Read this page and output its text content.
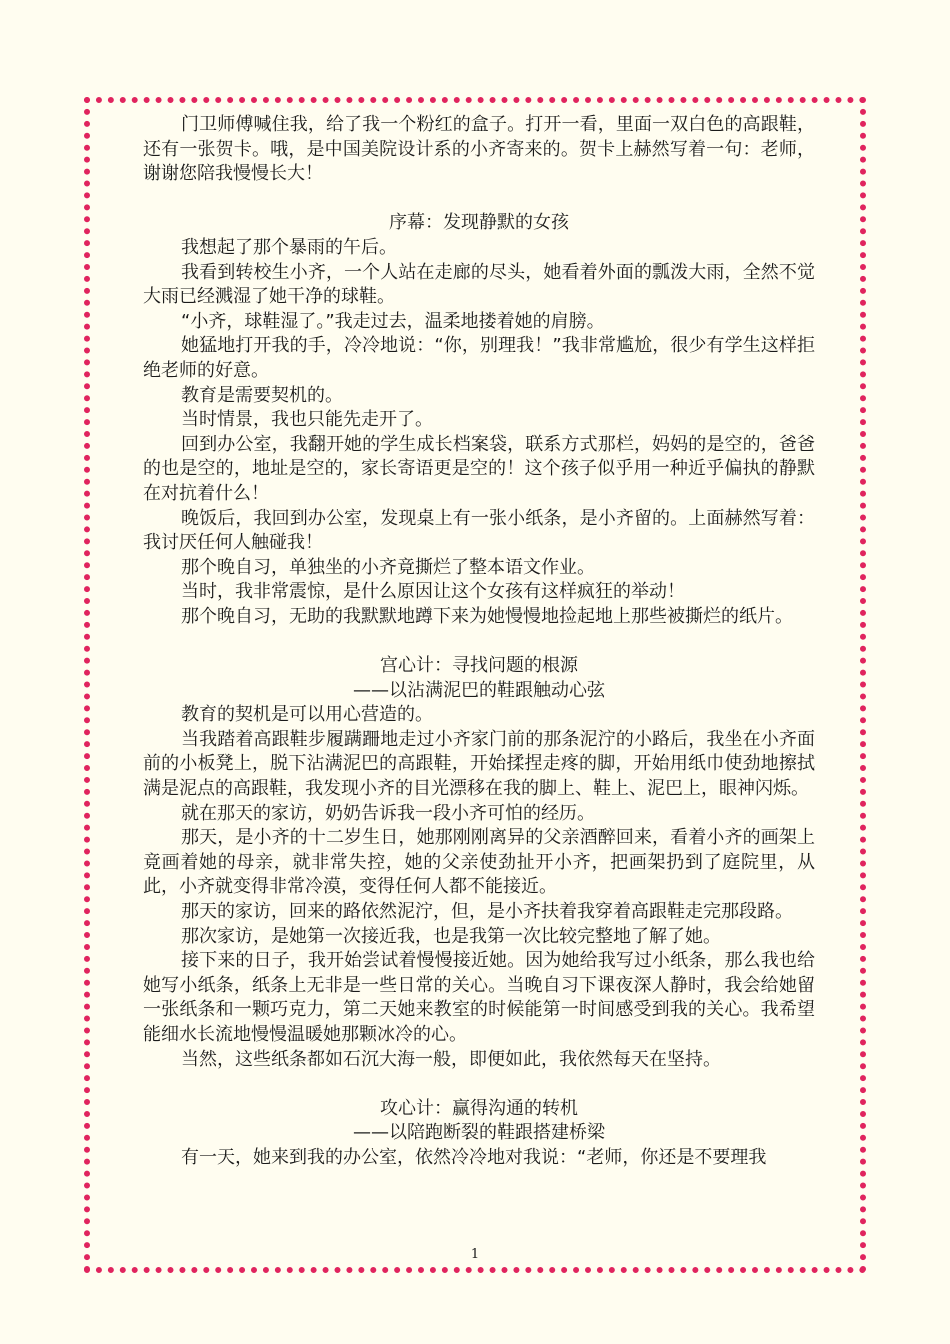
门卫师傅喊住我，给了我一个粉红的盒子。打开一看，里面一双白色的高跟鞋，还有一张贺卡。哦，是中国美院设计系的小齐寄来的。贺卡上赫然写着一句：老师，谢谢您陪我慢慢长大！

序幕：发现静默的女孩

我想起了那个暴雨的午后。

我看到转校生小齐，一个人站在走廊的尽头，她看着外面的瓢泼大雨，全然不觉大雨已经溅湿了她干净的球鞋。

“小齐，球鞋湿了。”我走过去，温柔地搂着她的肩膀。

她猛地打开我的手，冷冷地说：“你，别理我！”我非常尴尬，很少有学生这样拒绝老师的好意。

教育是需要契机的。

当时情景，我也只能先走开了。

回到办公室，我翻开她的学生成长档案袋，联系方式那栏，妈妈的是空的，爸爸的也是空的，地址是空的，家长寄语更是空的！这个孩子似乎用一种近乎偏执的静默在对抗着什么！

晚饭后，我回到办公室，发现桌上有一张小纸条，是小齐留的。上面赫然写着：我讨厌任何人触碰我！

那个晚自习，单独坐的小齐竟撕烂了整本语文作业。

当时，我非常震惊，是什么原因让这个女孩有这样疯狂的举动！

那个晚自习，无助的我默默地蹲下来为她慢慢地捡起地上那些被撕烂的纸片。

宫心计：寻找问题的根源

——以沾满泥巴的鞋跟触动心弦

教育的契机是可以用心营造的。

当我踏着高跟鞋步履蹒跚地走过小齐家门前的那条泥泞的小路后，我坐在小齐面前的小板凳上，脱下沾满泥巴的高跟鞋，开始揉捏走疼的脚，开始用纸巾使劲地擦拭满是泥点的高跟鞋，我发现小齐的目光漂移在我的脚上、鞋上、泥巴上，眼神闪烁。

就在那天的家访，奶奶告诉我一段小齐可怕的经历。

那天，是小齐的十二岁生日，她那刚刚离异的父亲酒醉回来，看着小齐的画架上竟画着她的母亲，就非常失控，她的父亲使劲扯开小齐，把画架扔到了庭院里，从此，小齐就变得非常冷漠，变得任何人都不能接近。

那天的家访，回来的路依然泥泞，但，是小齐扶着我穿着高跟鞋走完那段路。

那次家访，是她第一次接近我，也是我第一次比较完整地了解了她。

接下来的日子，我开始尝试着慢慢接近她。因为她给我写过小纸条，那么我也给她写小纸条，纸条上无非是一些日常的关心。当晚自习下课夜深人静时，我会给她留一张纸条和一颗巧克力，第二天她来教室的时候能第一时间感受到我的关心。我希望能细水长流地慢慢温暖她那颗冰冷的心。

当然，这些纸条都如石沉大海一般，即便如此，我依然每天在坚持。

攻心计：赢得沟通的转机

——以陪跑断裂的鞋跟搭建桥梁

有一天，她来到我的办公室，依然冷冷地对我说：“老师，你还是不要理我

1
